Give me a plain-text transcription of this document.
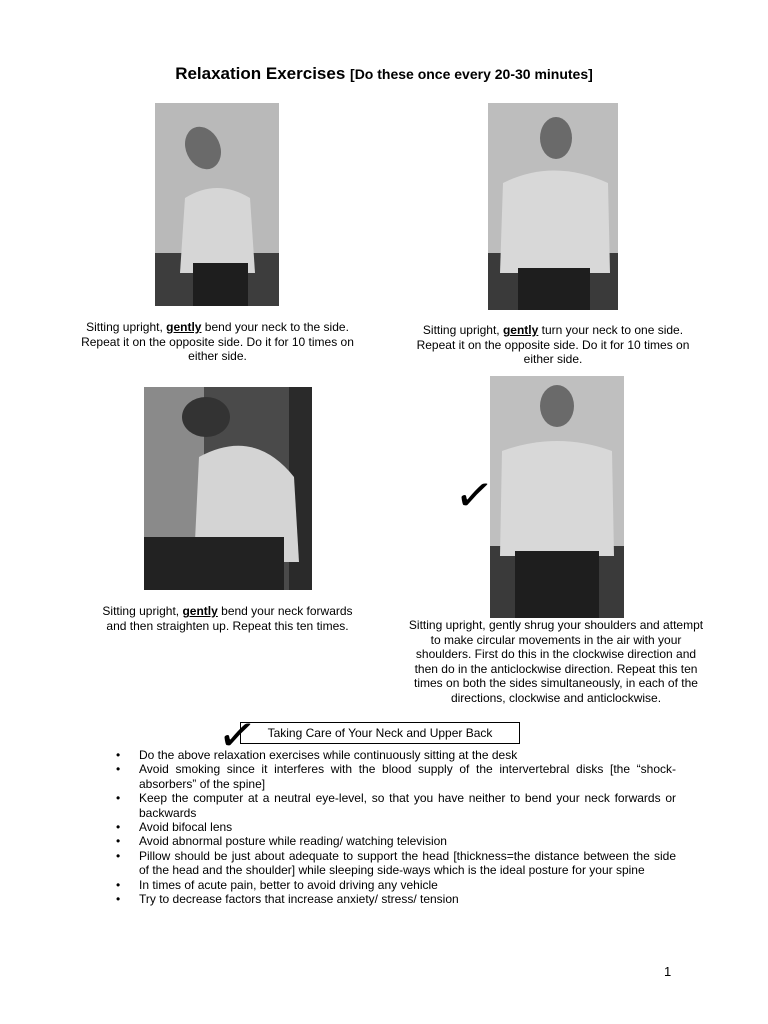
Relaxation Exercises [Do these once every 20-30 minutes]
Sitting upright, gently bend your neck to the side. Repeat it on the opposite side. Do it for 10 times on either side.
Sitting upright, gently turn your neck to one side. Repeat it on the opposite side. Do it for 10 times on either side.
Sitting upright, gently bend your neck forwards and then straighten up. Repeat this ten times.
✓
Sitting upright, gently shrug your shoulders and attempt to make circular movements in the air with your shoulders. First do this in the clockwise direction and then do in the anticlockwise direction. Repeat this ten times on both the sides simultaneously, in each of the directions, clockwise and anticlockwise.
✓ Taking Care of Your Neck and Upper Back
• Do the above relaxation exercises while continuously sitting at the desk
• Avoid smoking since it interferes with the blood supply of the intervertebral disks [the “shock-absorbers” of the spine]
• Keep the computer at a neutral eye-level, so that you have neither to bend your neck forwards or backwards
• Avoid bifocal lens
• Avoid abnormal posture while reading/ watching television
• Pillow should be just about adequate to support the head [thickness=the distance between the side of the head and the shoulder] while sleeping side-ways which is the ideal posture for your spine
• In times of acute pain, better to avoid driving any vehicle
• Try to decrease factors that increase anxiety/ stress/ tension
1
